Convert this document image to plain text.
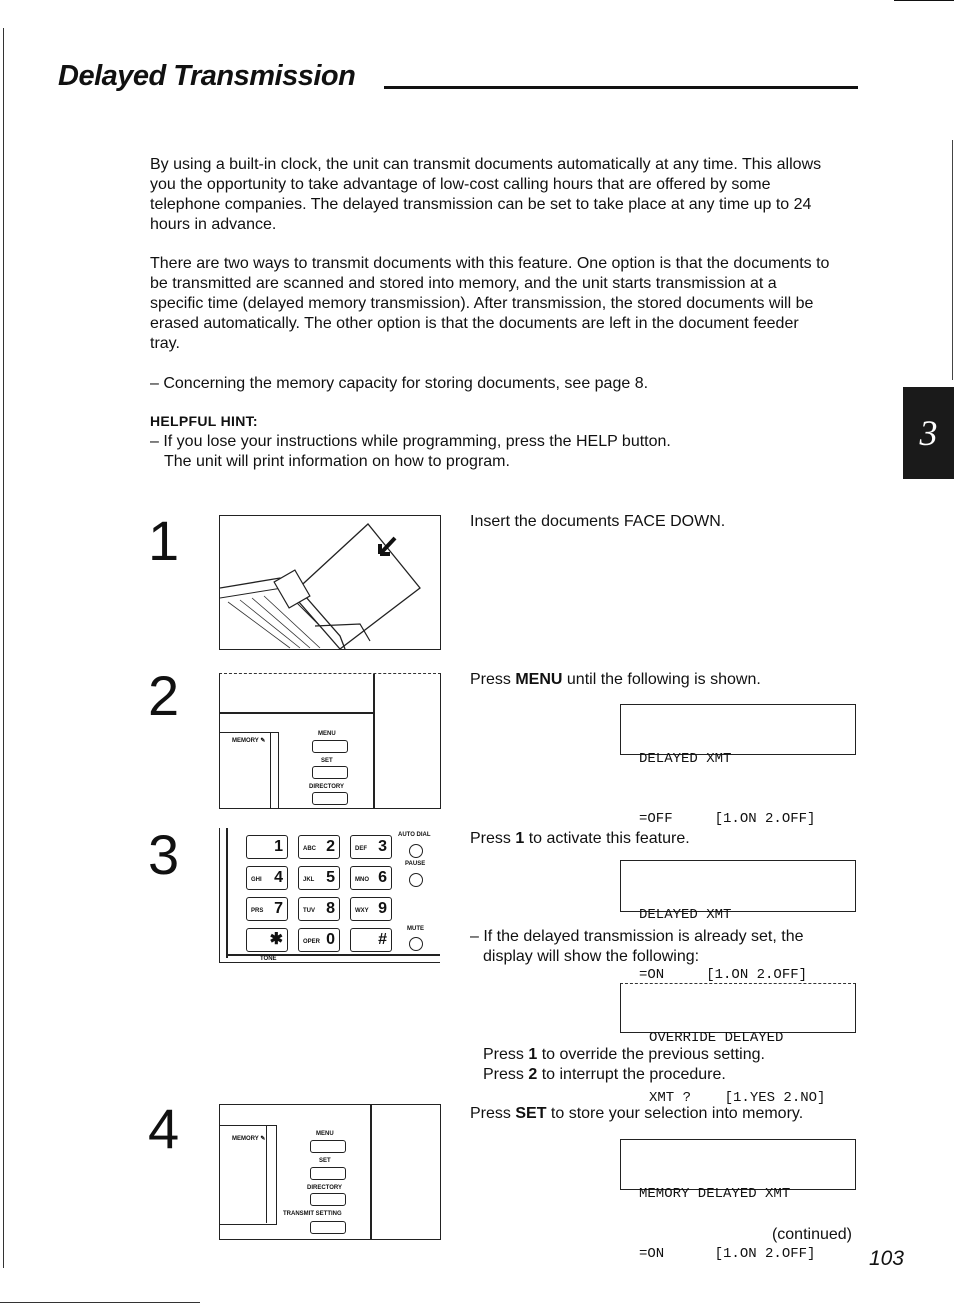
Delayed Transmission
3
By using a built-in clock, the unit can transmit documents automatically at any time. This allows
you the opportunity to take advantage of low-cost calling hours that are offered by some
telephone companies. The delayed transmission can be set to take place at any time up to 24
hours in advance.
There are two ways to transmit documents with this feature. One option is that the documents to
be transmitted are scanned and stored into memory, and the unit starts transmission at a
specific time (delayed memory transmission). After transmission, the stored documents will be
erased automatically. The other option is that the documents are left in the document feeder
tray.
– Concerning the memory capacity for storing documents, see page 8.
HELPFUL HINT:
– If you lose your instructions while programming, press the HELP button.
The unit will print information on how to program.
1	Insert the documents FACE DOWN.
2
MEMORY ✎
MENU
SET
DIRECTORY
Press MENU until the following is shown.

DELAYED XMT

=OFF     [1.ON 2.OFF]

3	1	ABC 2	DEF 3
GHI 4	JKL 5	MNO 6
PRS 7	TUV 8	WXY 9
✱	OPER 0	#
AUTO DIAL
PAUSE
MUTE
TONE
Press 1 to activate this feature.

DELAYED XMT

=ON     [1.ON 2.OFF]

– If the delayed transmission is already set, the
display will show the following:

OVERRIDE DELAYED

XMT ?    [1.YES 2.NO]

Press 1 to override the previous setting.
Press 2 to interrupt the procedure.
4	MEMORY ✎
MENU
SET
DIRECTORY
TRANSMIT SETTING
Press SET to store your selection into memory.

MEMORY DELAYED XMT

=ON      [1.ON 2.OFF]

(continued)
103
